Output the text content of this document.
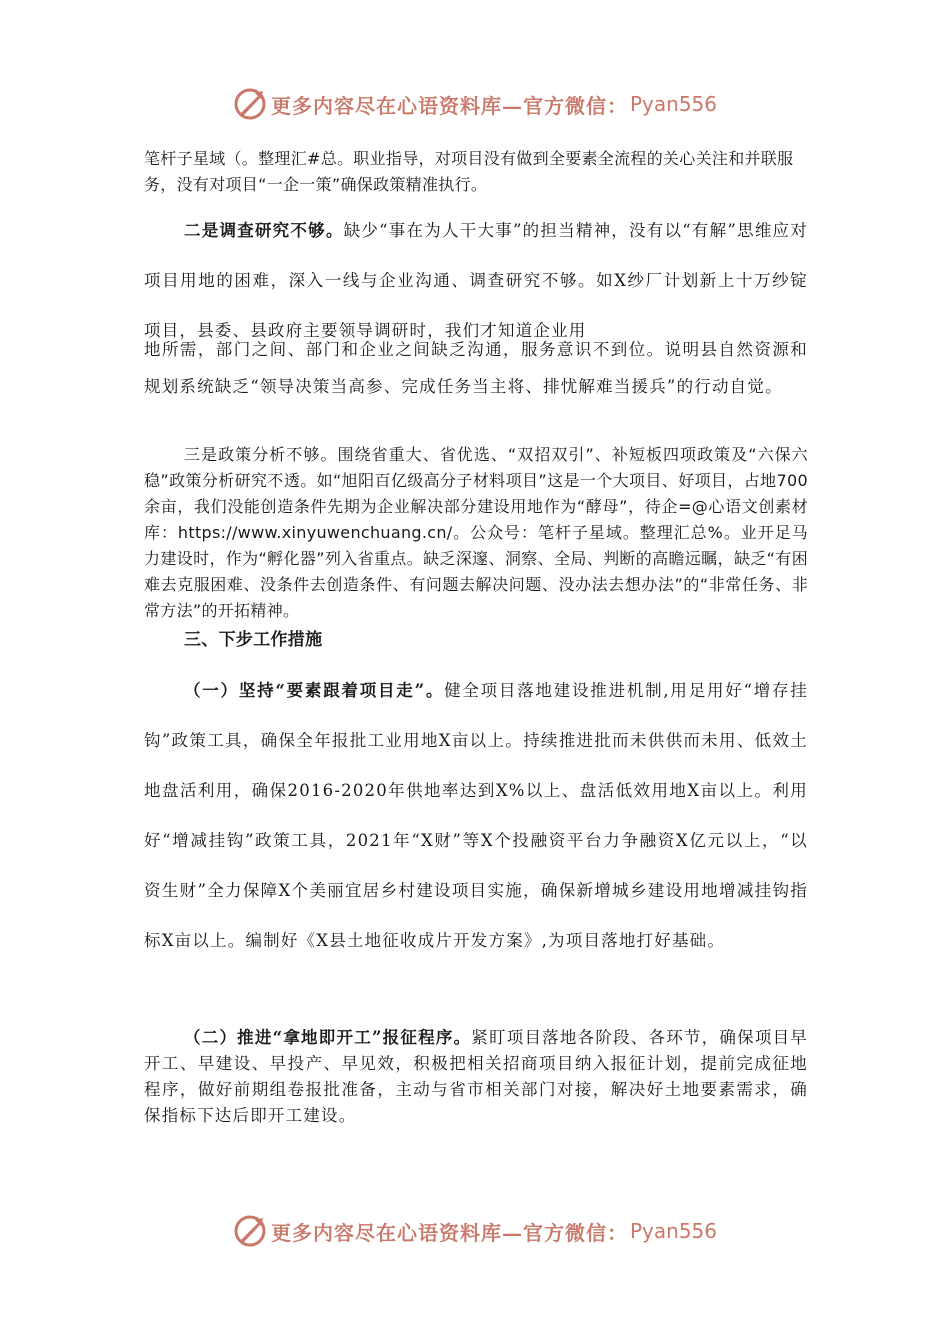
更多内容尽在心语资料库—官方微信： Pyan556

笔杆子星域（。整理汇#总。职业指导，对项目没有做到全要素全流程的关心关注和并联服务，没有对项目“一企一策”确保政策精准执行。

二是调查研究不够。缺少“事在为人干大事”的担当精神，没有以“有解”思维应对项目用地的困难，深入一线与企业沟通、调查研究不够。如X纱厂计划新上十万纱锭项目，县委、县政府主要领导调研时，我们才知道企业用

地所需，部门之间、部门和企业之间缺乏沟通，服务意识不到位。说明县自然资源和规划系统缺乏“领导决策当高参、完成任务当主将、排忧解难当援兵”的行动自觉。

三是政策分析不够。围绕省重大、省优选、“双招双引”、补短板四项政策及“六保六稳”政策分析研究不透。如“旭阳百亿级高分子材料项目”这是一个大项目、好项目，占地700余亩，我们没能创造条件先期为企业解决部分建设用地作为“酵母”，待企=@心语文创素材库：https://www.xinyuwenchuang.cn/。公众号：笔杆子星域。整理汇总%。业开足马力建设时，作为“孵化器”列入省重点。缺乏深邃、洞察、全局、判断的高瞻远瞩，缺乏“有困难去克服困难、没条件去创造条件、有问题去解决问题、没办法去想办法”的“非常任务、非常方法”的开拓精神。

三、下步工作措施

（一）坚持“要素跟着项目走”。健全项目落地建设推进机制,用足用好“增存挂钩”政策工具，确保全年报批工业用地X亩以上。持续推进批而未供供而未用、低效土地盘活利用，确保2016-2020年供地率达到X%以上、盘活低效用地X亩以上。利用好“增减挂钩”政策工具，2021年“X财”等X个投融资平台力争融资X亿元以上，“以资生财”全力保障X个美丽宜居乡村建设项目实施，确保新增城乡建设用地增减挂钩指标X亩以上。编制好《X县土地征收成片开发方案》,为项目落地打好基础。

（二）推进“拿地即开工”报征程序。紧盯项目落地各阶段、各环节，确保项目早开工、早建设、早投产、早见效，积极把相关招商项目纳入报征计划，提前完成征地程序，做好前期组卷报批准备，主动与省市相关部门对接，解决好土地要素需求，确保指标下达后即开工建设。

更多内容尽在心语资料库—官方微信： Pyan556
